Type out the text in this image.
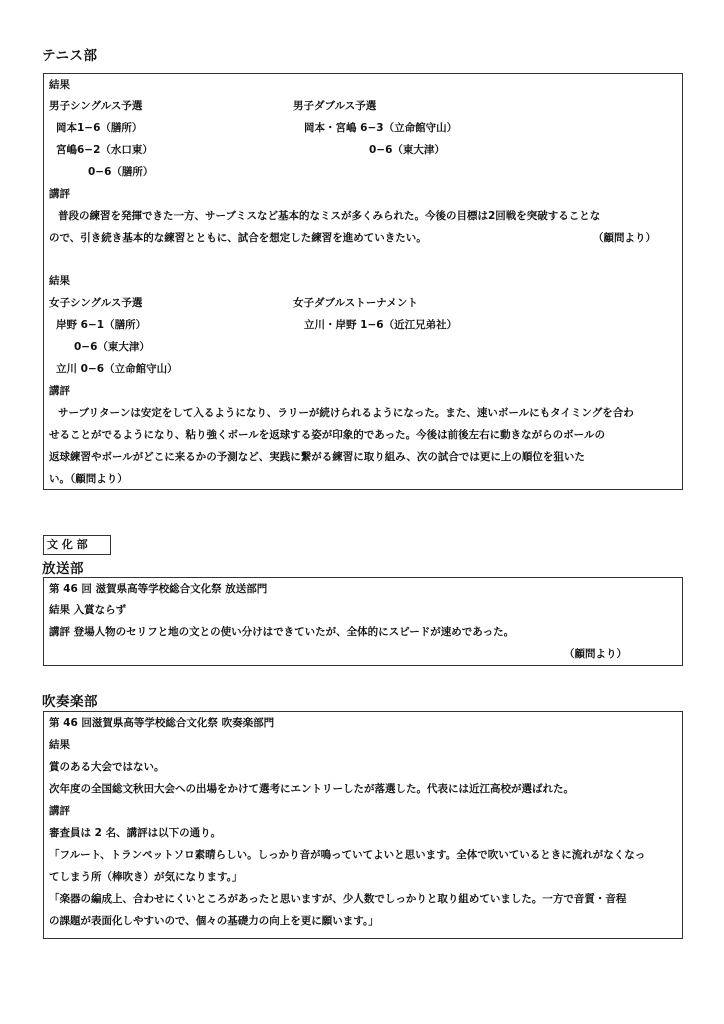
テニス部
結果
男子シングルス予選	男子ダブルス予選
岡本1−6（膳所）	岡本・宮嶋 6−3（立命館守山）
宮嶋6−2（水口東）	0−6（東大津）
0−6（膳所）
講評
普段の練習を発揮できた一方、サーブミスなど基本的なミスが多くみられた。今後の目標は2回戦を突破することな
ので、引き続き基本的な練習とともに、試合を想定した練習を進めていきたい。	（顧問より）
結果
女子シングルス予選	女子ダブルストーナメント
岸野 6−1（膳所）	立川・岸野 1−6（近江兄弟社）
0−6（東大津）
立川 0−6（立命館守山）
講評
サーブリターンは安定をして入るようになり、ラリーが続けられるようになった。また、速いボールにもタイミングを合わ
せることがでるようになり、粘り強くボールを返球する姿が印象的であった。今後は前後左右に動きながらのボールの
返球練習やボールがどこに来るかの予測など、実践に繋がる練習に取り組み、次の試合では更に上の順位を狙いた
い。（顧問より）
文 化 部
放送部
第 46 回 滋賀県高等学校総合文化祭 放送部門
結果 入賞ならず
講評 登場人物のセリフと地の文との使い分けはできていたが、全体的にスピードが速めであった。
（顧問より）
吹奏楽部
第 46 回滋賀県高等学校総合文化祭 吹奏楽部門
結果
賞のある大会ではない。
次年度の全国総文秋田大会への出場をかけて選考にエントリーしたが落選した。代表には近江高校が選ばれた。
講評
審査員は 2 名、講評は以下の通り。
「フルート、トランペットソロ素晴らしい。しっかり音が鳴っていてよいと思います。全体で吹いているときに流れがなくなっ
てしまう所（棒吹き）が気になります。」
「楽器の編成上、合わせにくいところがあったと思いますが、少人数でしっかりと取り組めていました。一方で音質・音程
の課題が表面化しやすいので、個々の基礎力の向上を更に願います。」
